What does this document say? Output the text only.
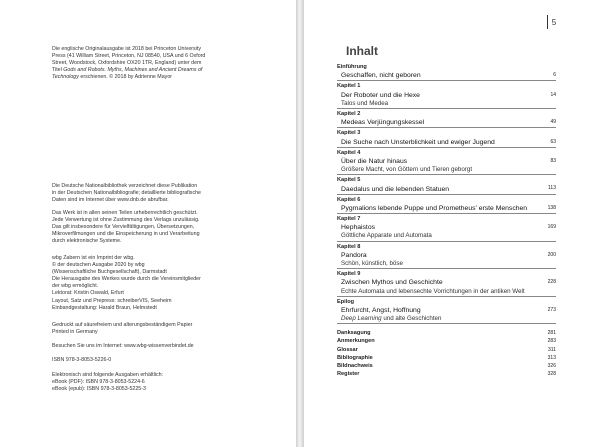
Die englische Originalausgabe ist 2018 bei Princeton University

Press (41 William Street, Princeton, NJ 08540, USA und 6 Oxford

Street, Woodstock, Oxfordshire OX20 1TR, England) unter dem

Titel Gods and Robots. Myths, Machines and Ancient Dreams of

Technology erschienen. © 2018 by Adrienne Mayor

Die Deutsche Nationalbibliothek verzeichnet diese Publikation

in der Deutschen Nationalbibliografie; detaillierte bibliografische

Daten sind im Internet über www.dnb.de abrufbar.

Das Werk ist in allen seinen Teilen urheberrechtlich geschützt.

Jede Verwertung ist ohne Zustimmung des Verlags unzulässig.

Das gilt insbesondere für Vervielfältigungen, Übersetzungen,

Mikroverfilmungen und die Einspeicherung in und Verarbeitung

durch elektronische Systeme.

wbg Zabern ist ein Imprint der wbg.

© der deutschen Ausgabe 2020 by wbg

(Wissenschaftliche Buchgesellschaft), Darmstadt

Die Herausgabe des Werkes wurde durch die Vereinsmitglieder

der wbg ermöglicht.

Lektorat: Kristin Oswald, Erfurt

Layout, Satz und Prepress: schreiberVIS, Seeheim

Einbandgestaltung: Harald Braun, Helmstedt

Gedruckt auf säurefreiem und alterungsbeständigem Papier

Printed in Germany

Besuchen Sie uns im Internet: www.wbg-wissenverbindet.de

ISBN 978-3-8053-5226-0

Elektronisch sind folgende Ausgaben erhältlich:

eBook (PDF): ISBN 978-3-8053-5224-6

eBook (epub): ISBN 978-3-8053-5225-3

5
Inhalt
Einführung
Geschaffen, nicht geboren	6
Kapitel 1
Der Roboter und die Hexe	14
Talos und Medea
Kapitel 2
Medeas Verjüngungskessel	49
Kapitel 3
Die Suche nach Unsterblichkeit und ewiger Jugend	63
Kapitel 4
Über die Natur hinaus	83
Größere Macht, von Göttern und Tieren geborgt
Kapitel 5
Daedalus und die lebenden Statuen	113
Kapitel 6
Pygmalions lebende Puppe und Prometheus' erste Menschen	138
Kapitel 7
Hephaistos	169
Göttliche Apparate und Automata
Kapitel 8
Pandora	200
Schön, künstlich, böse
Kapitel 9
Zwischen Mythos und Geschichte	228
Echte Automata und lebensechte Vorrichtungen in der antiken Welt
Epilog
Ehrfurcht, Angst, Hoffnung	273
Deep Learning und alte Geschichten
Danksagung	281
Anmerkungen	283
Glossar	311
Bibliographie	313
Bildnachweis	326
Register	328
